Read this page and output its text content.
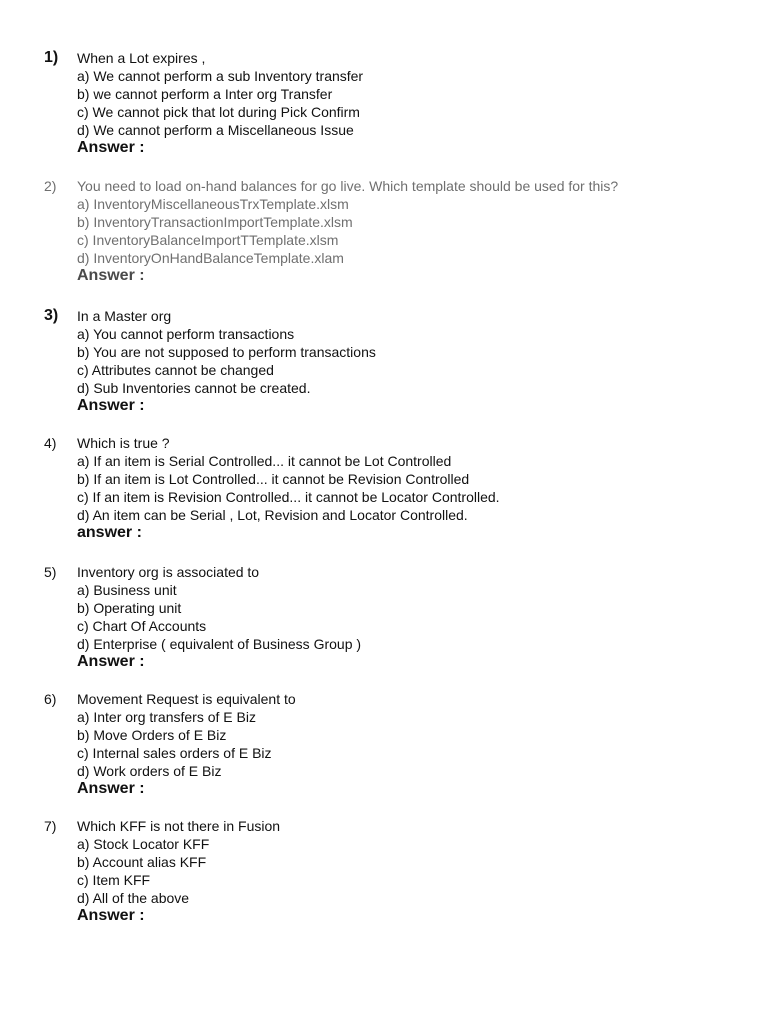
1) When a Lot expires ,
a) We cannot perform a sub Inventory transfer
b) we cannot perform a Inter org Transfer
c) We cannot pick that lot during Pick Confirm
d) We cannot perform a Miscellaneous Issue
Answer :
2) You need to load on-hand balances for go live. Which template should be used for this?
a) InventoryMiscellaneousTrxTemplate.xlsm
b) InventoryTransactionImportTemplate.xlsm
c) InventoryBalanceImportTTemplate.xlsm
d) InventoryOnHandBalanceTemplate.xlam
Answer :
3) In a Master org
a) You cannot perform transactions
b) You are not supposed to perform transactions
c) Attributes cannot be changed
d) Sub Inventories cannot be created.
Answer :
4) Which is true ?
a) If an item is Serial Controlled... it cannot be Lot Controlled
b) If an item is Lot Controlled... it cannot be Revision Controlled
c) If an item is Revision Controlled... it cannot be Locator Controlled.
d) An item can be Serial , Lot, Revision and Locator Controlled.
answer :
5) Inventory org is associated to
a) Business unit
b) Operating unit
c) Chart Of Accounts
d) Enterprise ( equivalent of Business Group )
Answer :
6) Movement Request is equivalent to
a) Inter org transfers of E Biz
b) Move Orders of E Biz
c) Internal sales orders of E Biz
d) Work orders of E Biz
Answer :
7) Which KFF is not there in Fusion
a) Stock Locator KFF
b) Account alias KFF
c) Item KFF
d) All of the above
Answer :
